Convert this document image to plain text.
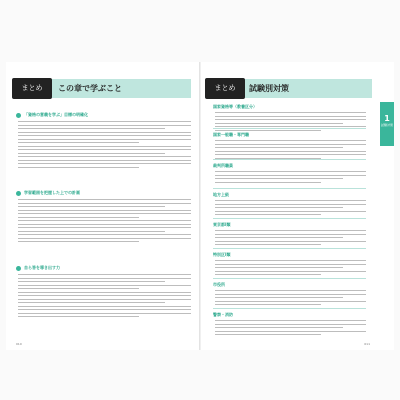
まとめ	この章で学ぶこと
「資格の意義を学ぶ」目標の明確化
学習範囲を把握した上での計画
自ら答を導き出す力
010
まとめ	試験別対策
1
試験対策
国家資格等（教養区分）
国家一般職・専門職
裁判所職員
地方上級
東京都Ⅰ類
特別区Ⅰ類
市役所
警察・消防
011
